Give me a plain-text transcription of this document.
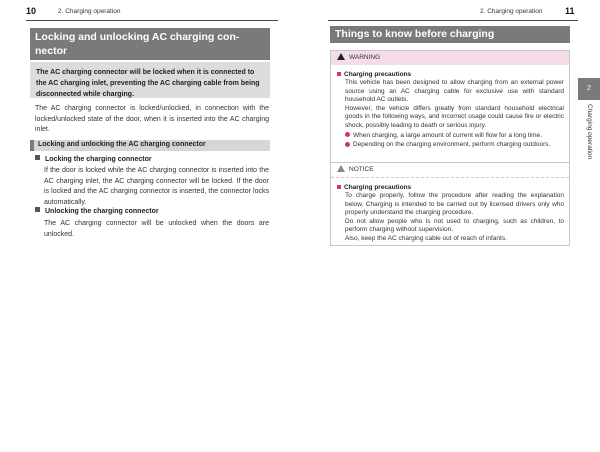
10	2. Charging operation
Locking and unlocking AC charging con-
nector
The AC charging connector will be locked when it is connected to the AC charging inlet, preventing the AC charging cable from being disconnected while charging.

The AC charging connector is locked/unlocked, in connection with the locked/unlocked state of the door, when it is inserted into the AC charging inlet.

Locking and unlocking the AC charging connector
Locking the charging connector

If the door is locked while the AC charging connector is inserted into the AC charging inlet, the AC charging connector will be locked. If the door is locked and the AC charging connector is inserted, the connector locks automatically.

Unlocking the charging connector

The AC charging connector will be unlocked when the doors are unlocked.

2. Charging operation 11
Things to know before charging
WARNING
Charging precautions

This vehicle has been designed to allow charging from an external power source using an AC charging cable for exclusive use with standard household AC outlets.

However, the vehicle differs greatly from standard household electrical goods in the following ways, and incorrect usage could cause fire or electric shock, possibly leading to death or serious injury.

When charging, a large amount of current will flow for a long time.

Depending on the charging environment, perform charging outdoors.

NOTICE
Charging precautions

To charge properly, follow the procedure after reading the explanation below. Charging is intended to be carried out by licensed drivers only who properly understand the charging procedure.

Do not allow people who is not used to charging, such as children, to perform charging without supervision.

Also, keep the AC charging cable out of reach of infants.

2
Charging operation
